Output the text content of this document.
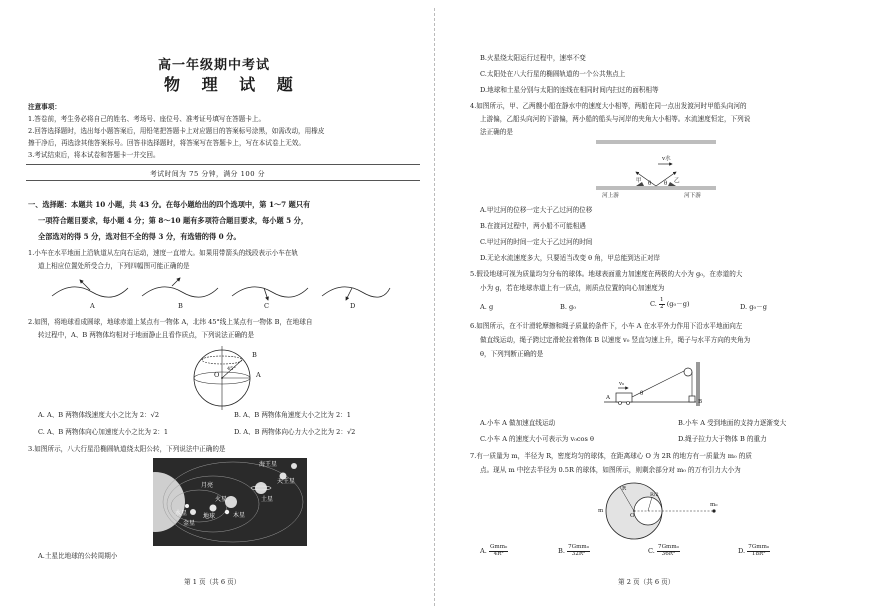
高一年级期中考试
物 理 试 题
注意事项：
1.答卷前，考生务必将自己的姓名、考场号、座位号、准考证号填写在答题卡上。
2.回答选择题时，选出每小题答案后，用铅笔把答题卡上对应题目的答案标号涂黑，如需改动，用橡皮
擦干净后，再选涂其他答案标号。回答非选择题时，将答案写在答题卡上，写在本试卷上无效。
3.考试结束后，将本试卷和答题卡一并交回。
考试时间为 75 分钟，满分 100 分
一、选择题：本题共 10 小题，共 43 分。在每小题给出的四个选项中，第 1～7 题只有
一项符合题目要求，每小题 4 分；第 8～10 题有多项符合题目要求，每小题 5 分，
全部选对的得 5 分，选对但不全的得 3 分，有选错的得 0 分。
1.小车在水平地面上沿轨道从左向右运动，速度一直增大。如果用带箭头的线段表示小车在轨
道上相应位置处所受合力，下列四幅图可能正确的是
A	B	C	D
2.如图，将地球看成圆球，地球赤道上某点有一物体 A，北纬 45°线上某点有一物体 B，在地球自
转过程中，A、B 两物体均相对于地面静止且看作质点，下列说法正确的是
B
A
O
45°
A. A、B 两物体线速度大小之比为 2：√2	B. A、B 两物体角速度大小之比为 2：1
C. A、B 两物体向心加速度大小之比为 2：1	D. A、B 两物体向心力大小之比为 2：√2
3.如图所示，八大行星沿椭圆轨道绕太阳公转，下列说法中正确的是
海王星
天王星
土星
木星
火星
地球
水星
金星
月亮
A.土星比地球的公转周期小
第 1 页（共 6 页）
B.火星绕太阳运行过程中，速率不变
C.太阳处在八大行星的椭圆轨道的一个公共焦点上
D.地球和土星分别与太阳的连线在相同时间内扫过的面积相等
4.如图所示，甲、乙两艘小船在静水中的速度大小相等，两船在同一点出发渡河时甲船头向河的
上游偏，乙船头向河的下游偏，两小船的船头与河岸的夹角大小相等。水流速度恒定，下列说
法正确的是
v水
甲	乙
θ θ
河上游	河下游
A.甲过河的位移一定大于乙过河的位移
B.在渡河过程中，两小船不可能相遇
C.甲过河的时间一定大于乙过河的时间
D.无论水流速度多大，只要适当改变 θ 角，甲总能到达正对岸
5.假设地球可视为质量均匀分布的球体。地球表面重力加速度在两极的大小为 g₀，在赤道的大
小为 g，若在地球赤道上有一质点，则质点位置的向心加速度为
A. g	B. g₀	C. $\frac{1}{2} (g_0-g)$	D. g₀－g
6.如图所示，在不计滑轮摩擦和绳子质量的条件下，小车 A 在水平外力作用下沿水平地面向左
做直线运动，绳子跨过定滑轮拉着物体 B 以速度 v₀ 竖直匀速上升，绳子与水平方向的夹角为
θ，下列判断正确的是
v₀
A
θ
B
A.小车 A 做加速直线运动	B.小车 A 受到地面的支持力逐渐变大
C.小车 A 的速度大小可表示为 v₀cos θ	D.绳子拉力大于物体 B 的重力
7.有一质量为 m，半径为 R，密度均匀的球体，在距离球心 O 为 2R 的地方有一质量为 m₀ 的质
点。现从 m 中挖去半径为 0.5R 的球体，如图所示，则剩余部分对 m₀ 的万有引力大小为
R
R/2
m
O
m₀
A. $\frac{\text{Gmm₀}}{\text{4R²}}$	B. $\frac{\text{7Gmm₀}}{\text{32R²}}$	C. $\frac{\text{7Gmm₀}}{\text{36R²}}$	D. $\frac{\text{7Gmm₀}}{\text{18R²}}$
第 2 页（共 6 页）
